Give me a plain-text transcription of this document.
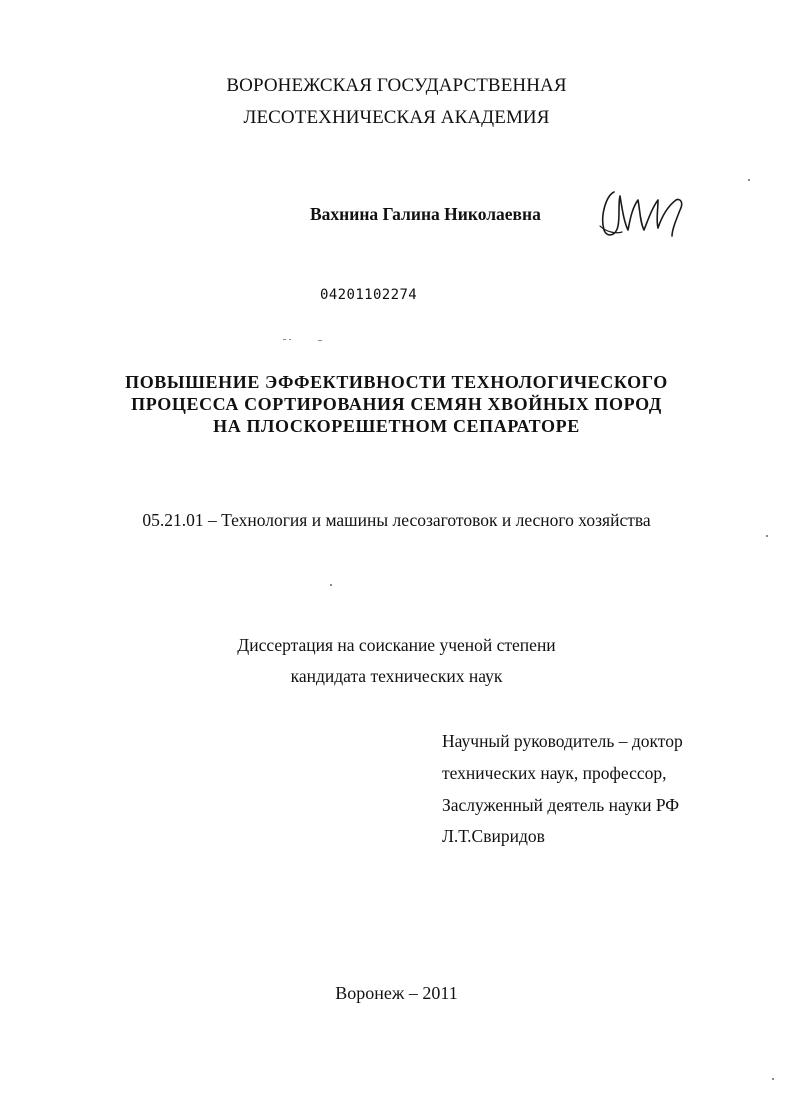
ВОРОНЕЖСКАЯ ГОСУДАРСТВЕННАЯ
ЛЕСОТЕХНИЧЕСКАЯ АКАДЕМИЯ
Вахнина Галина Николаевна
04201102274
ПОВЫШЕНИЕ ЭФФЕКТИВНОСТИ ТЕХНОЛОГИЧЕСКОГО
ПРОЦЕССА СОРТИРОВАНИЯ СЕМЯН ХВОЙНЫХ ПОРОД
НА ПЛОСКОРЕШЕТНОМ СЕПАРАТОРЕ
05.21.01 – Технология и машины лесозаготовок и лесного хозяйства
Диссертация на соискание ученой степени
кандидата технических наук
Научный руководитель – доктор
технических наук, профессор,
Заслуженный деятель науки РФ
Л.Т.Свиридов
Воронеж – 2011
